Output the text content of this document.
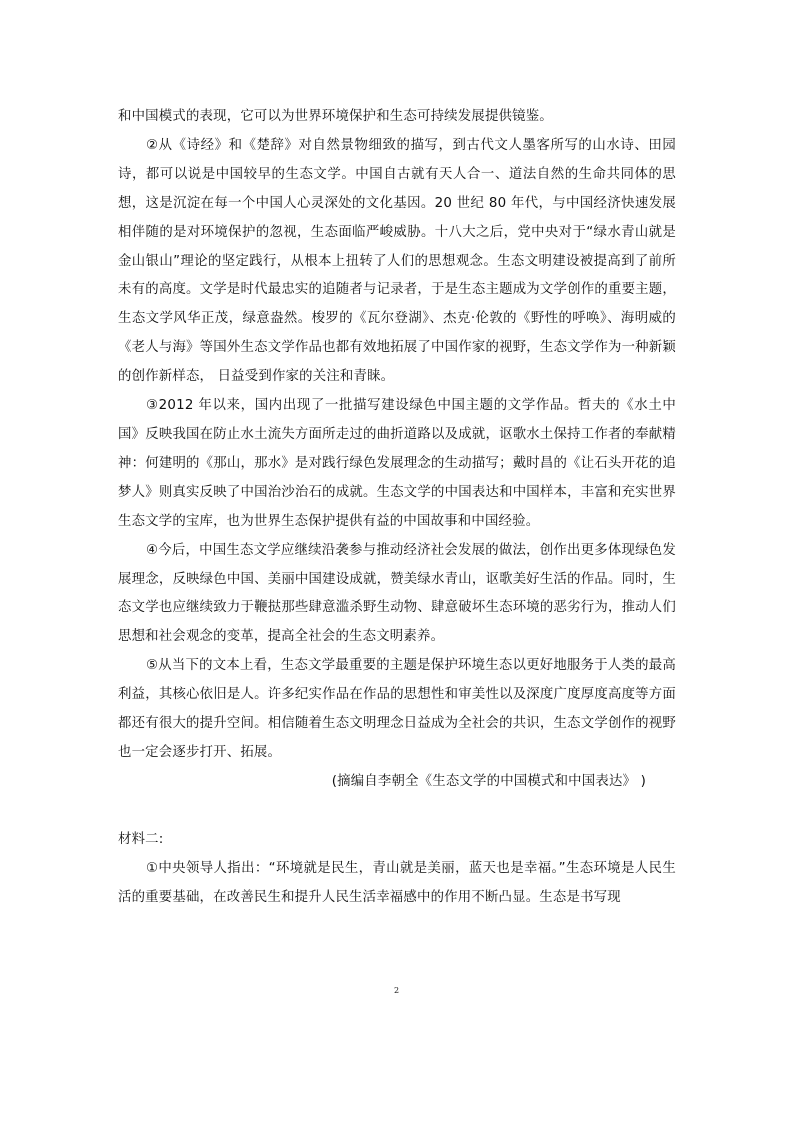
和中国模式的表现，它可以为世界环境保护和生态可持续发展提供镜鉴。

②从《诗经》和《楚辞》对自然景物细致的描写，到古代文人墨客所写的山水诗、田园诗，都可以说是中国较早的生态文学。中国自古就有天人合一、道法自然的生命共同体的思想，这是沉淀在每一个中国人心灵深处的文化基因。20 世纪 80 年代，与中国经济快速发展相伴随的是对环境保护的忽视，生态面临严峻威胁。十八大之后，党中央对于“绿水青山就是金山银山”理论的坚定践行，从根本上扭转了人们的思想观念。生态文明建设被提高到了前所未有的高度。文学是时代最忠实的追随者与记录者，于是生态主题成为文学创作的重要主题，生态文学风华正茂，绿意盎然。梭罗的《瓦尔登湖》、杰克·伦敦的《野性的呼唤》、海明威的《老人与海》等国外生态文学作品也都有效地拓展了中国作家的视野，生态文学作为一种新颖的创作新样态， 日益受到作家的关注和青睐。

③2012 年以来，国内出现了一批描写建设绿色中国主题的文学作品。哲夫的《水土中国》反映我国在防止水土流失方面所走过的曲折道路以及成就，讴歌水土保持工作者的奉献精神：何建明的《那山，那水》是对践行绿色发展理念的生动描写；戴时昌的《让石头开花的追梦人》则真实反映了中国治沙治石的成就。生态文学的中国表达和中国样本，丰富和充实世界生态文学的宝库，也为世界生态保护提供有益的中国故事和中国经验。

④今后，中国生态文学应继续沿袭参与推动经济社会发展的做法，创作出更多体现绿色发展理念，反映绿色中国、美丽中国建设成就，赞美绿水青山，讴歌美好生活的作品。同时，生态文学也应继续致力于鞭挞那些肆意滥杀野生动物、肆意破坏生态环境的恶劣行为，推动人们思想和社会观念的变革，提高全社会的生态文明素养。

⑤从当下的文本上看，生态文学最重要的主题是保护环境生态以更好地服务于人类的最高利益，其核心依旧是人。许多纪实作品在作品的思想性和审美性以及深度广度厚度高度等方面都还有很大的提升空间。相信随着生态文明理念日益成为全社会的共识，生态文学创作的视野也一定会逐步打开、拓展。

(摘编自李朝全《生态文学的中国模式和中国表达》 )

材料二:

①中央领导人指出：“环境就是民生，青山就是美丽，蓝天也是幸福。”生态环境是人民生活的重要基础，在改善民生和提升人民生活幸福感中的作用不断凸显。生态是书写现

2
